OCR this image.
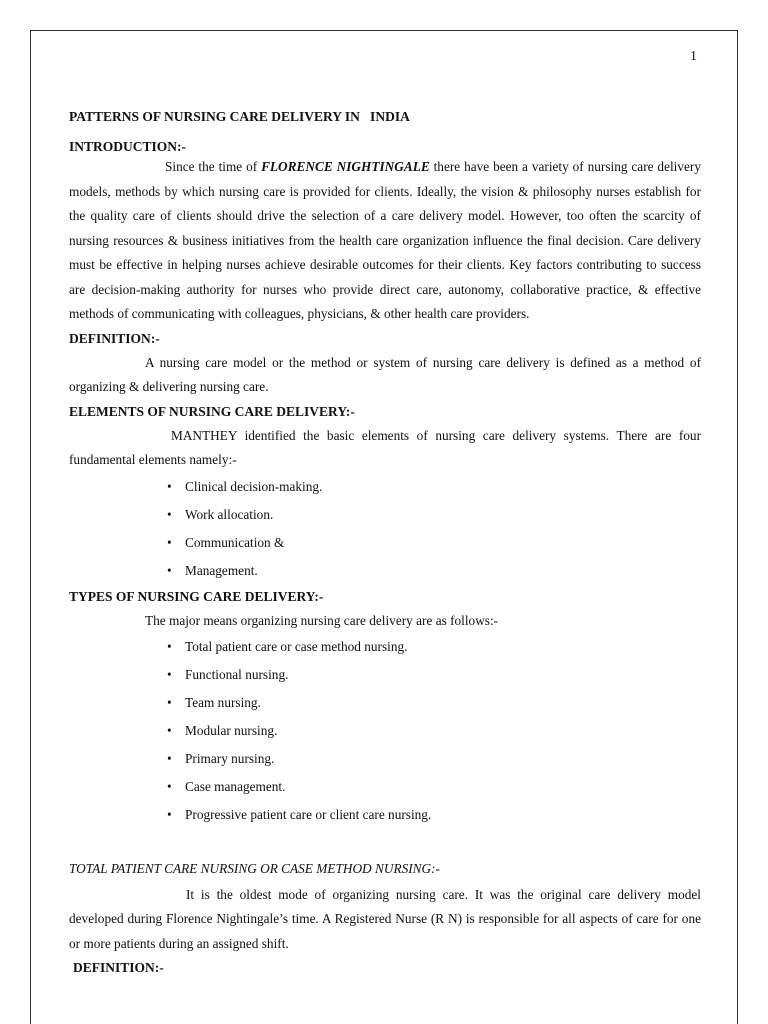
1

PATTERNS OF NURSING CARE DELIVERY IN   INDIA

INTRODUCTION:-

Since the time of FLORENCE NIGHTINGALE there have been a variety of nursing care delivery models, methods by which nursing care is provided for clients. Ideally, the vision & philosophy nurses establish for the quality care of clients should drive the selection of a care delivery model. However, too often the scarcity of nursing resources & business initiatives from the health care organization influence the final decision. Care delivery must be effective in helping nurses achieve desirable outcomes for their clients. Key factors contributing to success are decision-making authority for nurses who provide direct care, autonomy, collaborative practice, & effective methods of communicating with colleagues, physicians, & other health care providers.

DEFINITION:-

A nursing care model or the method or system of nursing care delivery is defined as a method of organizing & delivering nursing care.

ELEMENTS OF NURSING CARE DELIVERY:-

MANTHEY identified the basic elements of nursing care delivery systems. There are four fundamental elements namely:-

• Clinical decision-making.
• Work allocation.
• Communication &
• Management.

TYPES OF NURSING CARE DELIVERY:-

The major means organizing nursing care delivery are as follows:-

• Total patient care or case method nursing.
• Functional nursing.
• Team nursing.
• Modular nursing.
• Primary nursing.
• Case management.
• Progressive patient care or client care nursing.

TOTAL PATIENT CARE NURSING OR CASE METHOD NURSING:-

It is the oldest mode of organizing nursing care. It was the original care delivery model developed during Florence Nightingale’s time. A Registered Nurse (R N) is responsible for all aspects of care for one or more patients during an assigned shift.

DEFINITION:-
